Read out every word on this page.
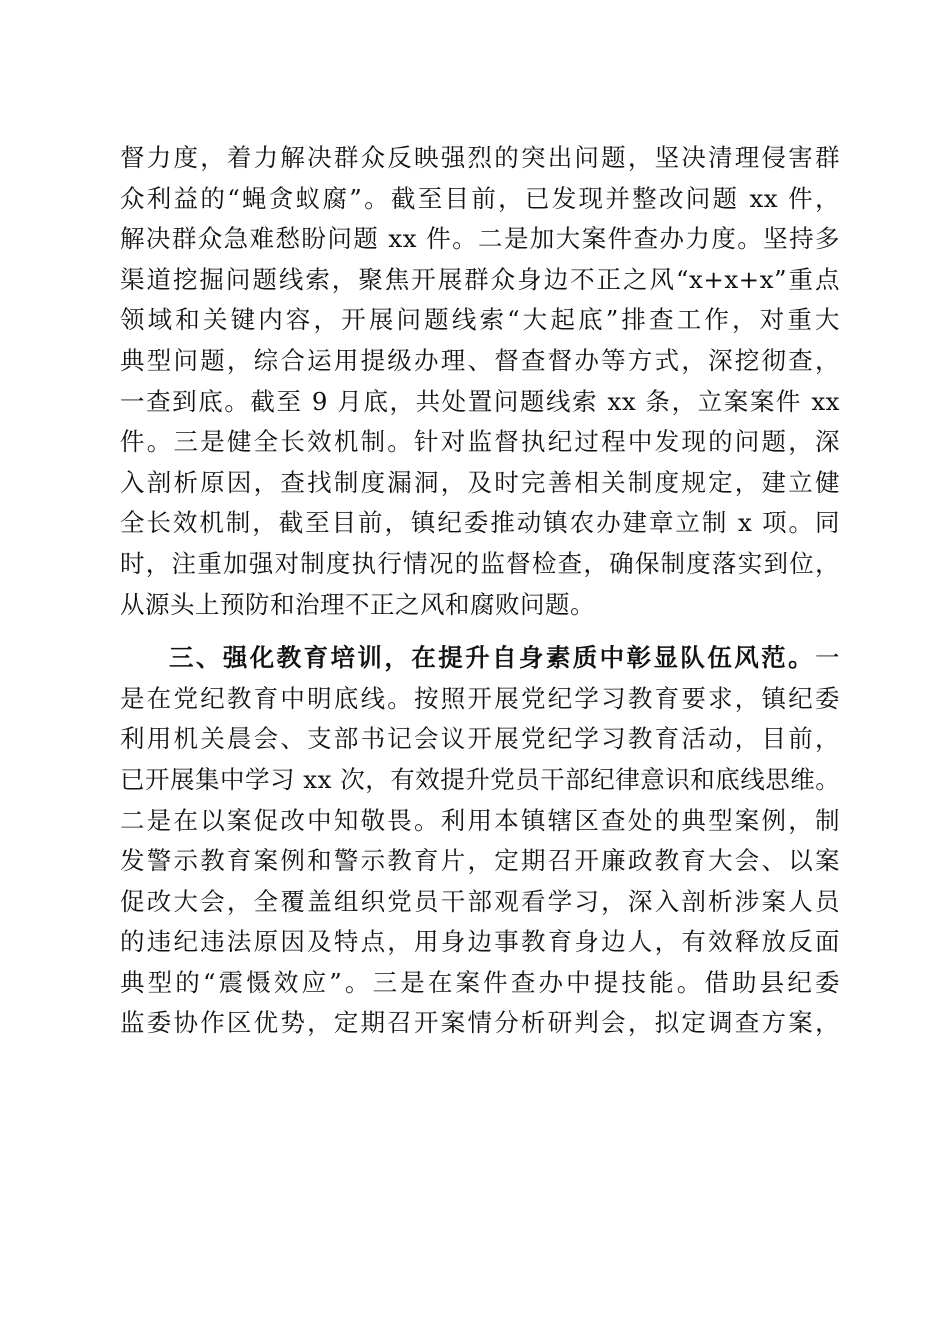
督力度，着力解决群众反映强烈的突出问题，坚决清理侵害群
众利益的“蝇贪蚁腐”。截至目前，已发现并整改问题 xx 件，
解决群众急难愁盼问题 xx 件。二是加大案件查办力度。坚持多
渠道挖掘问题线索，聚焦开展群众身边不正之风“x+x+x”重点
领域和关键内容，开展问题线索“大起底”排查工作，对重大
典型问题，综合运用提级办理、督查督办等方式，深挖彻查，
一查到底。截至 9 月底，共处置问题线索 xx 条，立案案件 xx
件。三是健全长效机制。针对监督执纪过程中发现的问题，深
入剖析原因，查找制度漏洞，及时完善相关制度规定，建立健
全长效机制，截至目前，镇纪委推动镇农办建章立制 x 项。同
时，注重加强对制度执行情况的监督检查，确保制度落实到位，
从源头上预防和治理不正之风和腐败问题。
三、强化教育培训，在提升自身素质中彰显队伍风范。一
是在党纪教育中明底线。按照开展党纪学习教育要求，镇纪委
利用机关晨会、支部书记会议开展党纪学习教育活动，目前，
已开展集中学习 xx 次，有效提升党员干部纪律意识和底线思维。
二是在以案促改中知敬畏。利用本镇辖区查处的典型案例，制
发警示教育案例和警示教育片，定期召开廉政教育大会、以案
促改大会，全覆盖组织党员干部观看学习，深入剖析涉案人员
的违纪违法原因及特点，用身边事教育身边人，有效释放反面
典型的“震慑效应”。三是在案件查办中提技能。借助县纪委
监委协作区优势，定期召开案情分析研判会，拟定调查方案，
